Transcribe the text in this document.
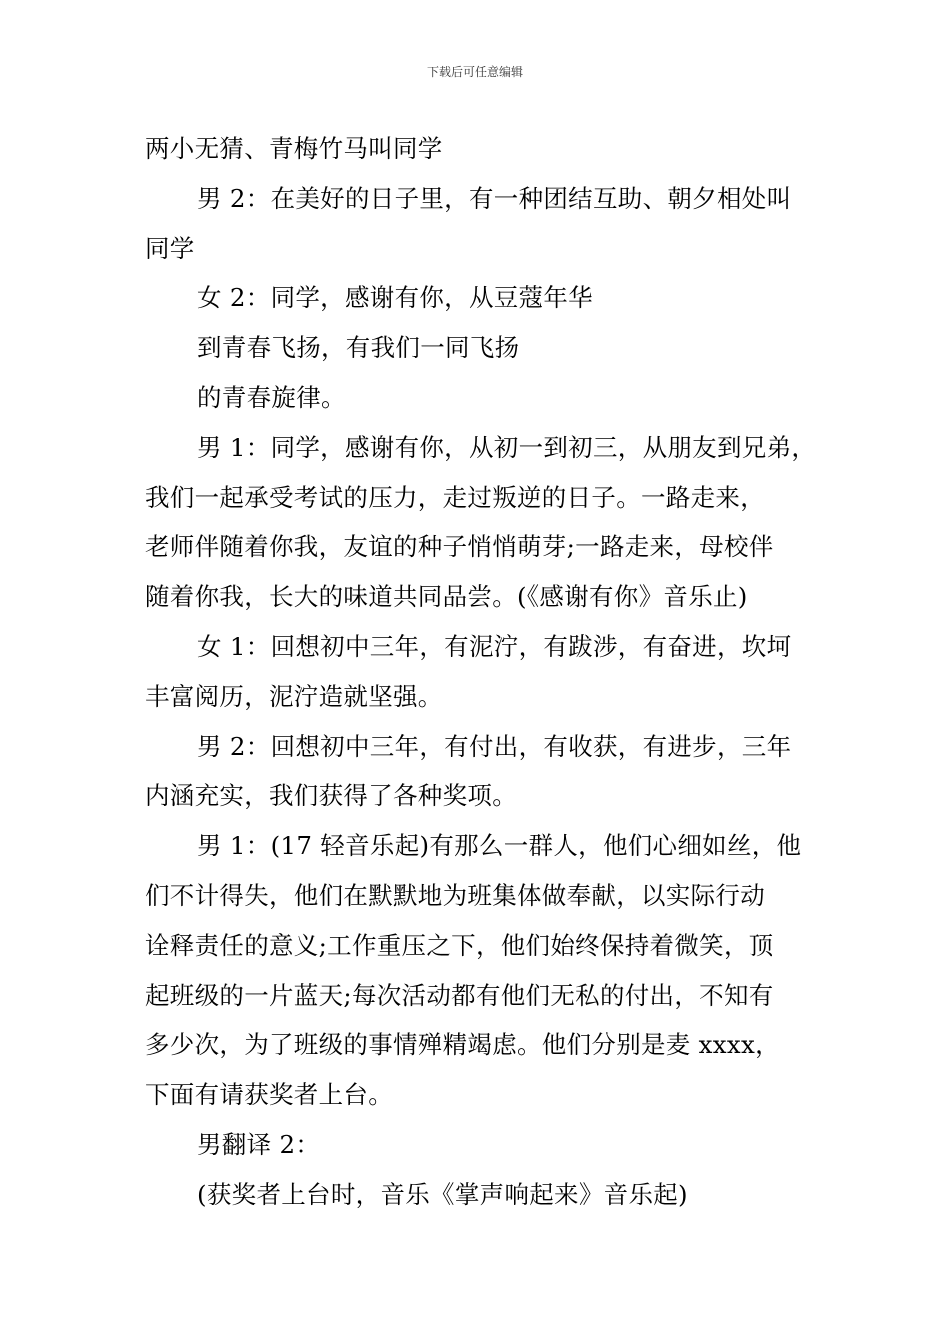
下载后可任意编辑
两小无猜、青梅竹马叫同学
男 2：在美好的日子里，有一种团结互助、朝夕相处叫
同学
女 2：同学，感谢有你，从豆蔻年华
到青春飞扬，有我们一同飞扬
的青春旋律。
男 1：同学，感谢有你，从初一到初三，从朋友到兄弟，
我们一起承受考试的压力，走过叛逆的日子。一路走来，
老师伴随着你我，友谊的种子悄悄萌芽;一路走来，母校伴
随着你我，长大的味道共同品尝。(《感谢有你》音乐止)
女 1：回想初中三年，有泥泞，有跋涉，有奋进，坎坷
丰富阅历，泥泞造就坚强。
男 2：回想初中三年，有付出，有收获，有进步，三年
内涵充实，我们获得了各种奖项。
男 1：(17 轻音乐起)有那么一群人，他们心细如丝，他
们不计得失，他们在默默地为班集体做奉献，以实际行动
诠释责任的意义;工作重压之下，他们始终保持着微笑，顶
起班级的一片蓝天;每次活动都有他们无私的付出，不知有
多少次，为了班级的事情殚精竭虑。他们分别是麦 xxxx，
下面有请获奖者上台。
男翻译 2：
(获奖者上台时，音乐《掌声响起来》音乐起)
